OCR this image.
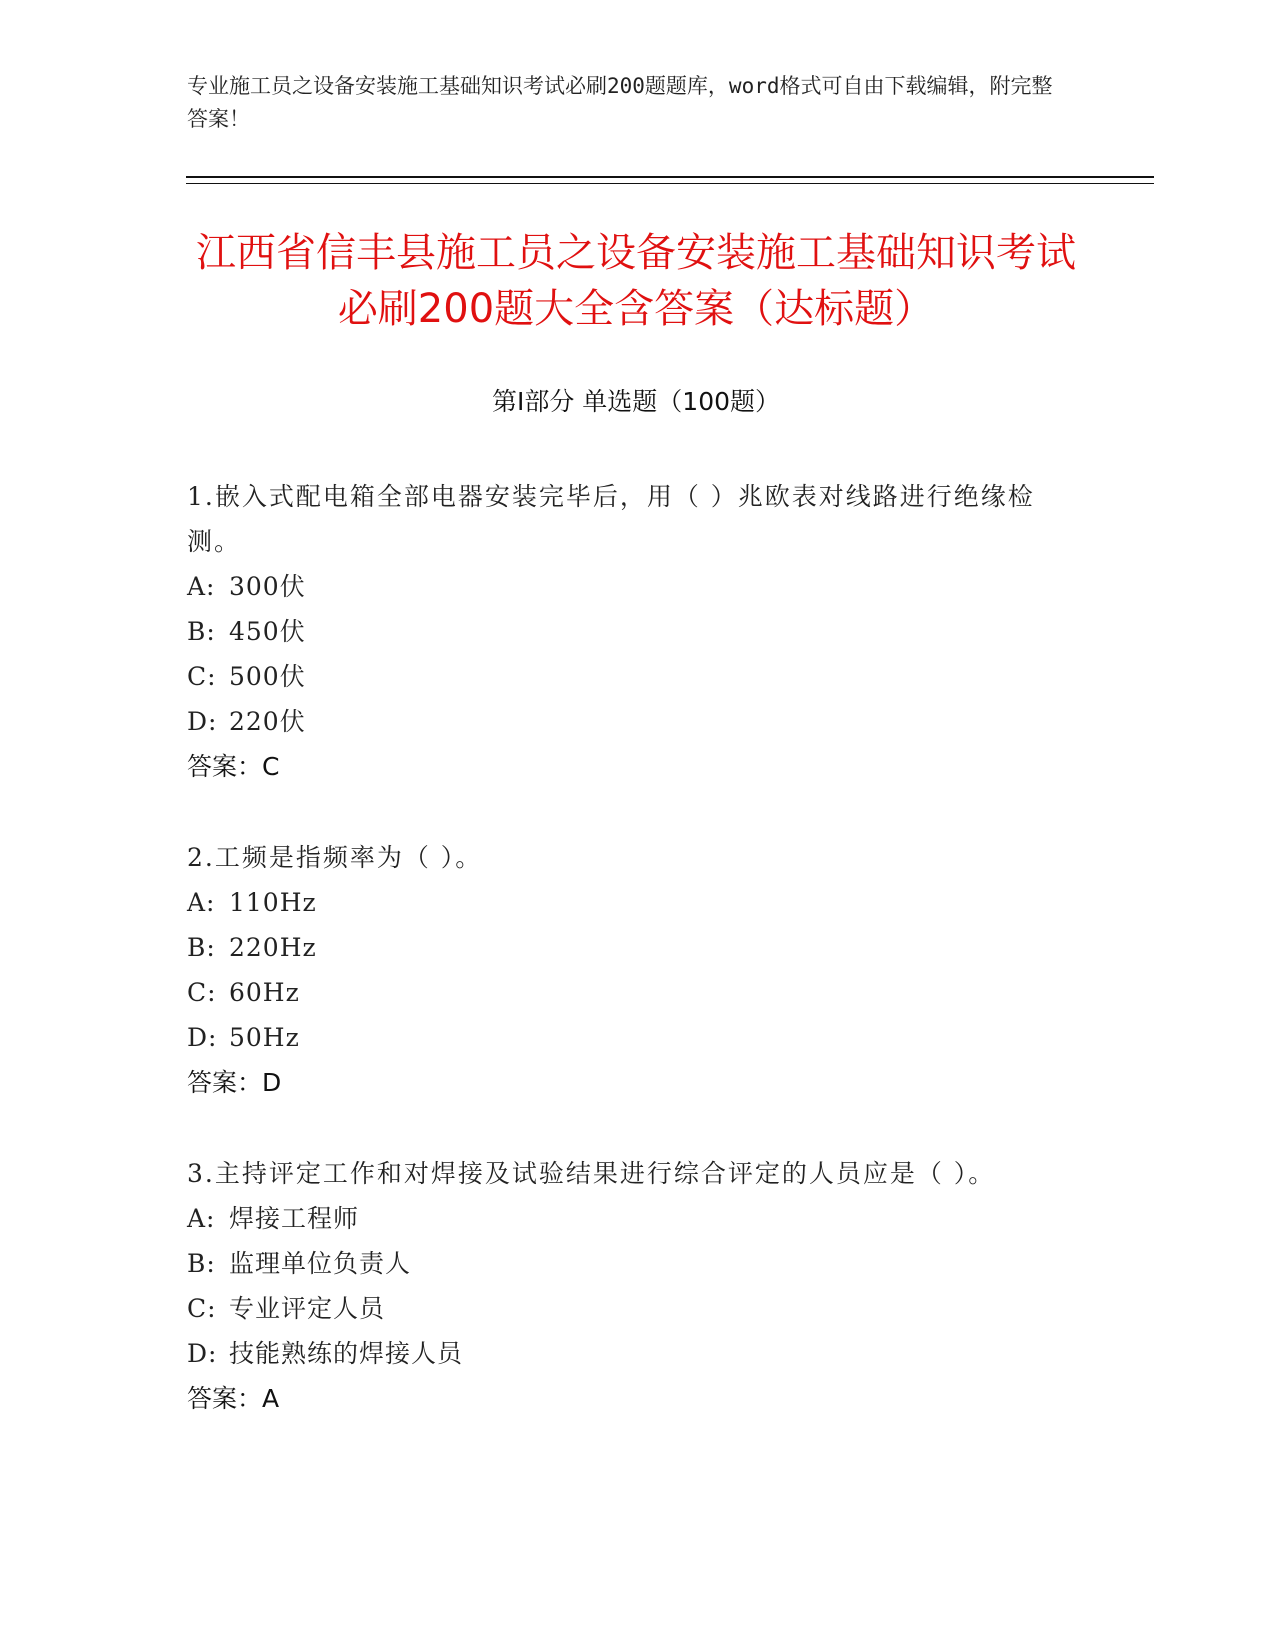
专业施工员之设备安装施工基础知识考试必刷200题题库，word格式可自由下载编辑，附完整答案！
江西省信丰县施工员之设备安装施工基础知识考试必刷200题大全含答案（达标题）
第Ⅰ部分 单选题（100题）
1.嵌入式配电箱全部电器安装完毕后，用（ ）兆欧表对线路进行绝缘检测。
A: 300伏
B: 450伏
C: 500伏
D: 220伏
答案：C
2.工频是指频率为（ ）。
A: 110Hz
B: 220Hz
C: 60Hz
D: 50Hz
答案：D
3.主持评定工作和对焊接及试验结果进行综合评定的人员应是（ ）。
A: 焊接工程师
B: 监理单位负责人
C: 专业评定人员
D: 技能熟练的焊接人员
答案：A
